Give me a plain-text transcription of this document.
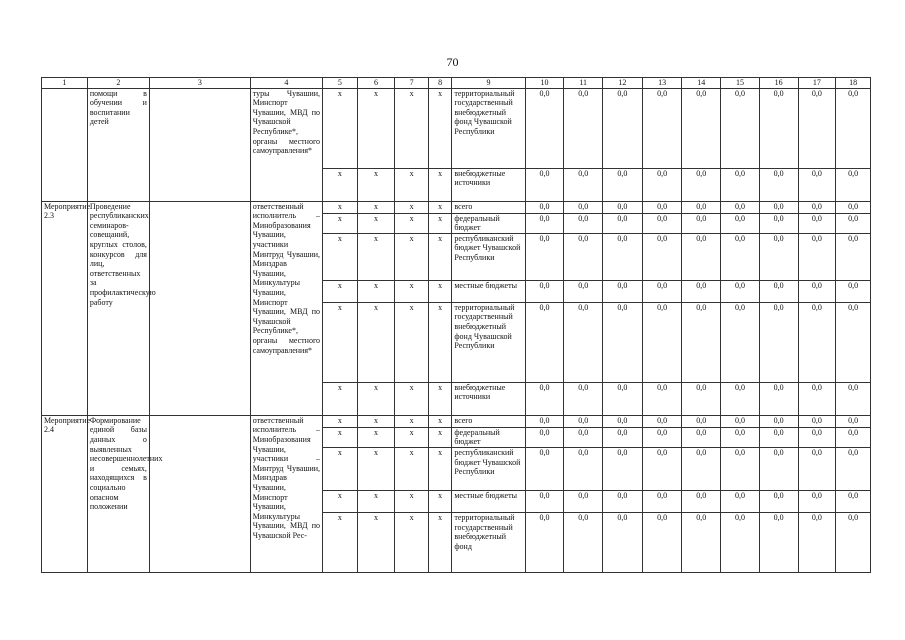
70
1	2	3	4	5	6	7	8	9	10	11	12	13	14	15	16	17	18
	помощи в обучении и воспитании детей		туры Чувашии, Минспорт Чувашии, МВД по Чувашской Республике*, органы местного самоуправления*	x	x	x	x	территориальный государственный внебюджетный фонд Чувашской Республики	0,0	0,0	0,0	0,0	0,0	0,0	0,0	0,0	0,0
				x	x	x	x	внебюджетные источники	0,0	0,0	0,0	0,0	0,0	0,0	0,0	0,0	0,0
Мероприятие 2.3	Проведение республиканских семинаров-совещаний, круглых столов, конкурсов для лиц, ответственных за профилактическую работу		ответственный исполнитель – Минобразования Чувашии, участники Минтруд Чувашии, Минздрав Чувашии, Минкультуры Чувашии, Минспорт Чувашии, МВД по Чувашской Республике*, органы местного самоуправления*	x	x	x	x	всего	0,0	0,0	0,0	0,0	0,0	0,0	0,0	0,0	0,0
				x	x	x	x	федеральный бюджет	0,0	0,0	0,0	0,0	0,0	0,0	0,0	0,0	0,0
				x	x	x	x	республиканский бюджет Чувашской Республики	0,0	0,0	0,0	0,0	0,0	0,0	0,0	0,0	0,0
				x	x	x	x	местные бюджеты	0,0	0,0	0,0	0,0	0,0	0,0	0,0	0,0	0,0
				x	x	x	x	территориальный государственный внебюджетный фонд Чувашской Республики	0,0	0,0	0,0	0,0	0,0	0,0	0,0	0,0	0,0
				x	x	x	x	внебюджетные источники	0,0	0,0	0,0	0,0	0,0	0,0	0,0	0,0	0,0
Мероприятие 2.4	Формирование единой базы данных о выявленных несовершеннолетних и семьях, находящихся в социально опасном положении		ответственный исполнитель – Минобразования Чувашии, участники – Минтруд Чувашии, Минздрав Чувашии, Минспорт Чувашии, Минкультуры Чувашии, МВД по Чувашской Рес-	x	x	x	x	всего	0,0	0,0	0,0	0,0	0,0	0,0	0,0	0,0	0,0
				x	x	x	x	федеральный бюджет	0,0	0,0	0,0	0,0	0,0	0,0	0,0	0,0	0,0
				x	x	x	x	республиканский бюджет Чувашской Республики	0,0	0,0	0,0	0,0	0,0	0,0	0,0	0,0	0,0
				x	x	x	x	местные бюджеты	0,0	0,0	0,0	0,0	0,0	0,0	0,0	0,0	0,0
				x	x	x	x	территориальный государственный внебюджетный фонд	0,0	0,0	0,0	0,0	0,0	0,0	0,0	0,0	0,0
